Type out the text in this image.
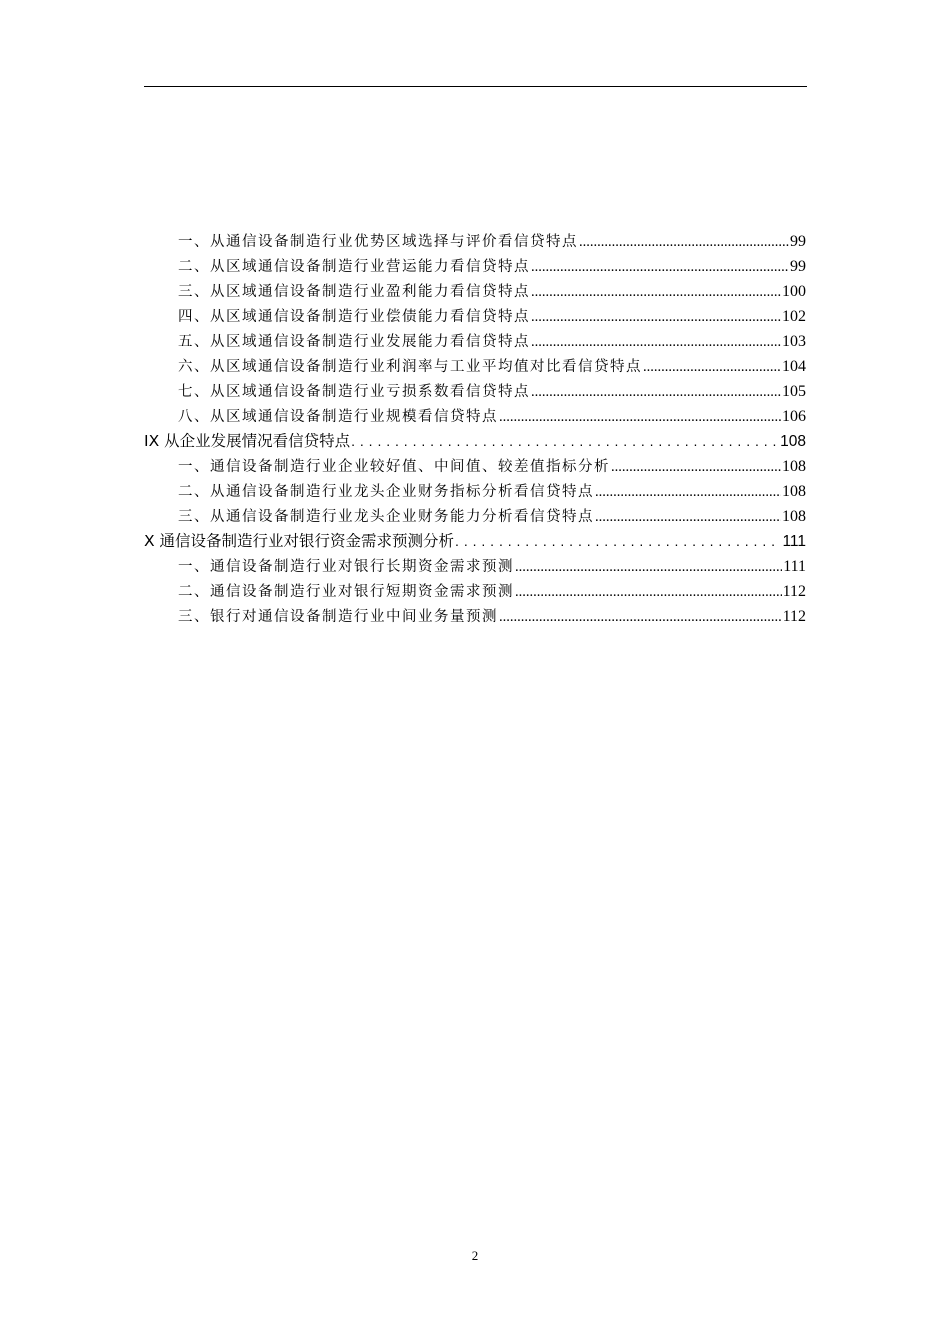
一、从通信设备制造行业优势区域选择与评价看信贷特点 .....	99
二、从区域通信设备制造行业营运能力看信贷特点 .....	99
三、从区域通信设备制造行业盈利能力看信贷特点 .....	100
四、从区域通信设备制造行业偿债能力看信贷特点 .....	102
五、从区域通信设备制造行业发展能力看信贷特点 .....	103
六、从区域通信设备制造行业利润率与工业平均值对比看信贷特点 .....	104
七、从区域通信设备制造行业亏损系数看信贷特点 .....	105
八、从区域通信设备制造行业规模看信贷特点 .....	106
IX 从企业发展情况看信贷特点 . . .	108
一、通信设备制造行业企业较好值、中间值、较差值指标分析 .....	108
二、从通信设备制造行业龙头企业财务指标分析看信贷特点 .....	108
三、从通信设备制造行业龙头企业财务能力分析看信贷特点 .....	108
X 通信设备制造行业对银行资金需求预测分析 . . .	111
一、通信设备制造行业对银行长期资金需求预测 .....	111
二、通信设备制造行业对银行短期资金需求预测 .....	112
三、银行对通信设备制造行业中间业务量预测 .....	112
2
